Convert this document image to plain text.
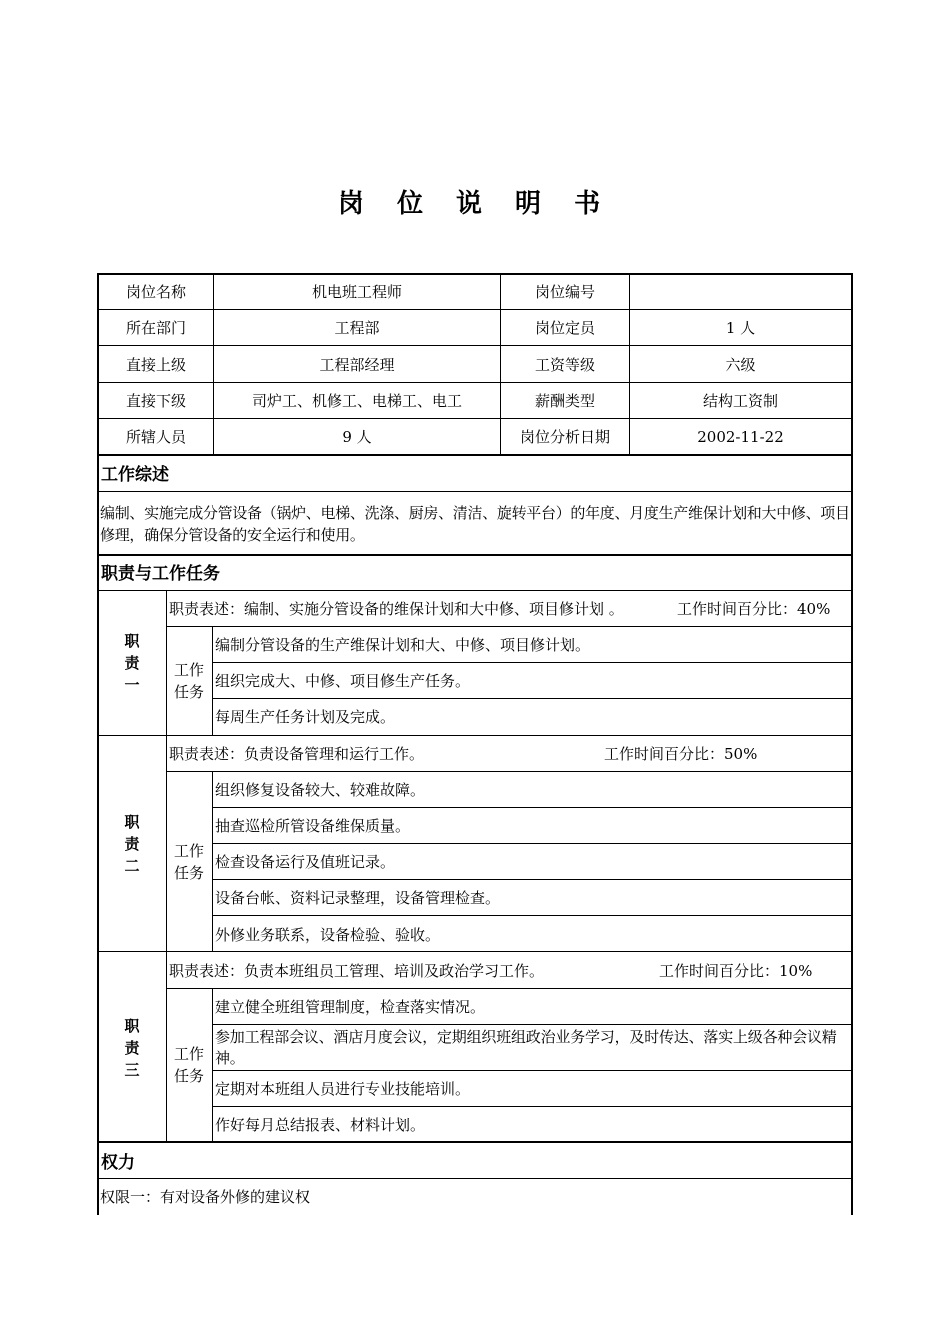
岗 位 说 明 书
岗位名称	机电班工程师	岗位编号
所在部门	工程部	岗位定员	1 人
直接上级	工程部经理	工资等级	六级
直接下级	司炉工、机修工、电梯工、电工	薪酬类型	结构工资制
所辖人员	9 人	岗位分析日期	2002-11-22
工作综述
编制、实施完成分管设备（锅炉、电梯、洗涤、厨房、清洁、旋转平台）的年度、月度生产维保计划和大中修、项目修理，确保分管设备的安全运行和使用。
职责与工作任务
职
责
一
职责表述：编制、实施分管设备的维保计划和大中修、项目修计划 。	工作时间百分比：40%
工作
任务
编制分管设备的生产维保计划和大、中修、项目修计划。
组织完成大、中修、项目修生产任务。
每周生产任务计划及完成。
职
责
二
职责表述：负责设备管理和运行工作。	工作时间百分比：50%
工作
任务
组织修复设备较大、较难故障。
抽查巡检所管设备维保质量。
检查设备运行及值班记录。
设备台帐、资料记录整理，设备管理检查。
外修业务联系，设备检验、验收。
职
责
三
职责表述：负责本班组员工管理、培训及政治学习工作。	工作时间百分比：10%
工作
任务
建立健全班组管理制度，检查落实情况。
参加工程部会议、酒店月度会议，定期组织班组政治业务学习，及时传达、落实上级各种会议精神。
定期对本班组人员进行专业技能培训。
作好每月总结报表、材料计划。
权力
权限一：有对设备外修的建议权
